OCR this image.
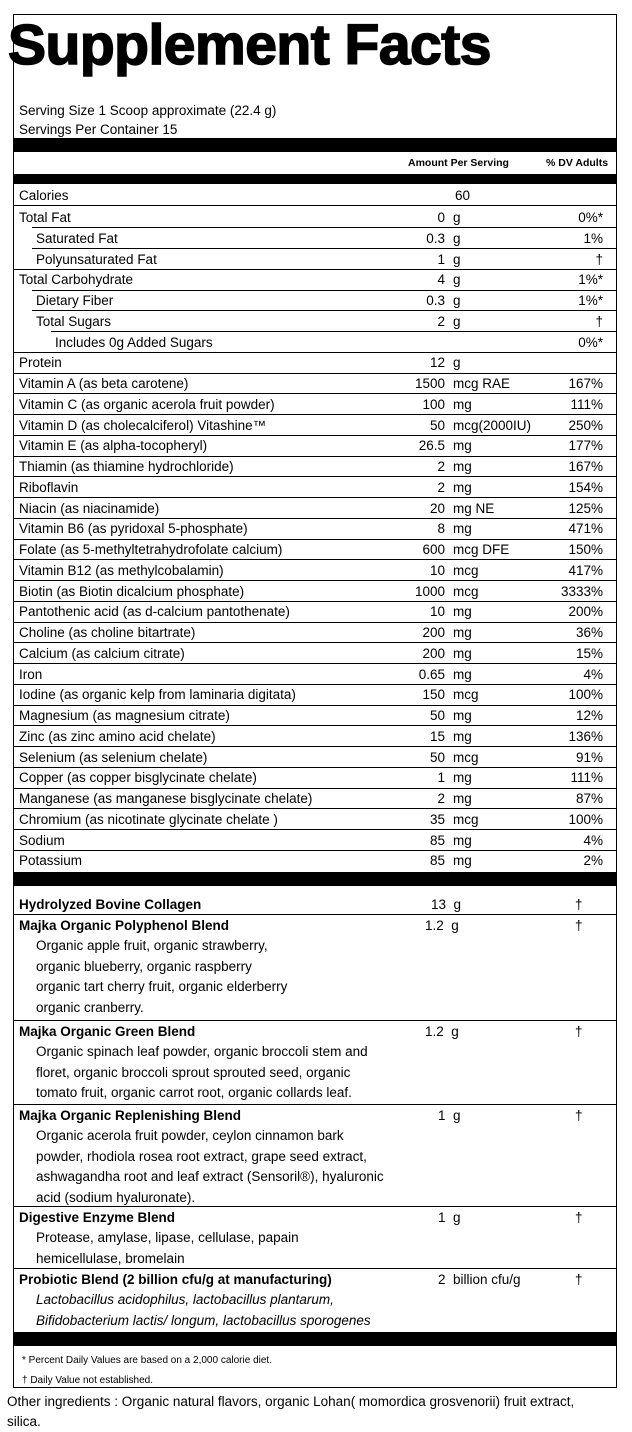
Supplement Facts
Serving Size 1 Scoop approximate (22.4 g)
Servings Per Container 15
Amount Per Serving	% DV Adults
Calories	60
Total Fat	0 g	0%*
Saturated Fat	0.3 g	1%
Polyunsaturated Fat	1 g	†
Total Carbohydrate	4 g	1%*
Dietary Fiber	0.3 g	1%*
Total Sugars	2 g	†
Includes 0g Added Sugars	0%*
Protein	12 g
Vitamin A (as beta carotene)	1500 mcg RAE	167%
Vitamin C (as organic acerola fruit powder)	100 mg	111%
Vitamin D (as cholecalciferol) Vitashine™	50 mcg(2000IU)	250%
Vitamin E (as alpha-tocopheryl)	26.5 mg	177%
Thiamin (as thiamine hydrochloride)	2 mg	167%
Riboflavin	2 mg	154%
Niacin (as niacinamide)	20 mg NE	125%
Vitamin B6 (as pyridoxal 5-phosphate)	8 mg	471%
Folate (as 5-methyltetrahydrofolate calcium)	600 mcg DFE	150%
Vitamin B12 (as methylcobalamin)	10 mcg	417%
Biotin (as Biotin dicalcium phosphate)	1000 mcg	3333%
Pantothenic acid (as d-calcium pantothenate)	10 mg	200%
Choline (as choline bitartrate)	200 mg	36%
Calcium (as calcium citrate)	200 mg	15%
Iron	0.65 mg	4%
Iodine (as organic kelp from laminaria digitata)	150 mcg	100%
Magnesium (as magnesium citrate)	50 mg	12%
Zinc (as zinc amino acid chelate)	15 mg	136%
Selenium (as selenium chelate)	50 mcg	91%
Copper (as copper bisglycinate chelate)	1 mg	111%
Manganese (as manganese bisglycinate chelate)	2 mg	87%
Chromium (as nicotinate glycinate chelate )	35 mcg	100%
Sodium	85 mg	4%
Potassium	85 mg	2%
Hydrolyzed Bovine Collagen	13  g	†
Majka Organic Polyphenol Blend	1.2  g	†
Organic apple fruit, organic strawberry,
organic blueberry, organic raspberry
organic tart cherry fruit, organic elderberry
organic cranberry.
Majka Organic Green Blend	1.2  g	†
Organic spinach leaf powder, organic broccoli stem and
floret, organic broccoli sprout sprouted seed, organic
tomato fruit, organic carrot root, organic collards leaf.
Majka Organic Replenishing Blend	1  g	†
Organic acerola fruit powder, ceylon cinnamon bark
powder, rhodiola rosea root extract, grape seed extract,
ashwagandha root and leaf extract (Sensoril®), hyaluronic
acid (sodium hyaluronate).
Digestive Enzyme Blend	1  g	†
Protease, amylase, lipase, cellulase, papain
hemicellulase, bromelain
Probiotic Blend (2 billion cfu/g at manufacturing)	2  billion cfu/g	†
Lactobacillus acidophilus, lactobacillus plantarum,
Bifidobacterium lactis/ longum, lactobacillus sporogenes
* Percent Daily Values are based on a 2,000 calorie diet.
† Daily Value not established.
Other ingredients : Organic natural flavors, organic Lohan( momordica grosvenorii) fruit extract, silica.
